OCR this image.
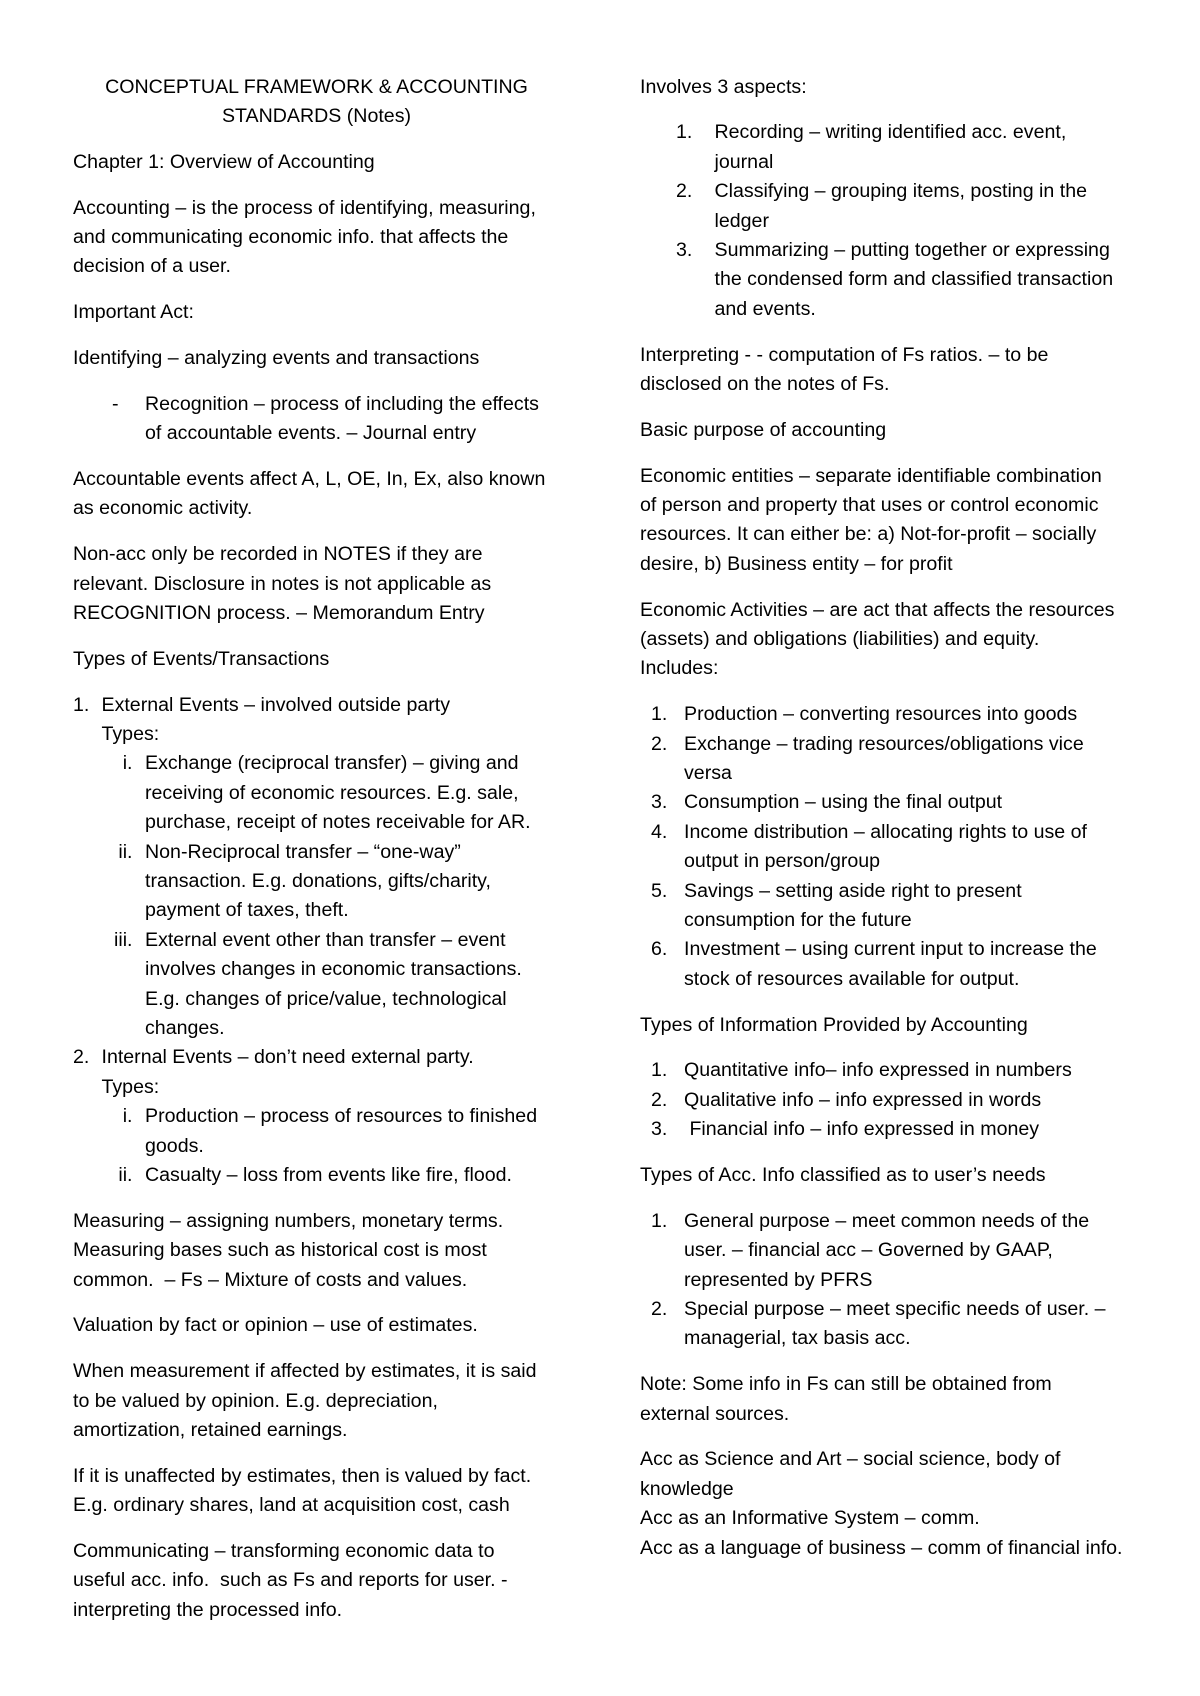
CONCEPTUAL FRAMEWORK & ACCOUNTING
STANDARDS (Notes)

Chapter 1: Overview of Accounting

Accounting – is the process of identifying, measuring,
and communicating economic info. that affects the
decision of a user.

Important Act:

Identifying – analyzing events and transactions

- Recognition – process of including the effects
of accountable events. – Journal entry

Accountable events affect A, L, OE, In, Ex, also known
as economic activity.

Non-acc only be recorded in NOTES if they are
relevant. Disclosure in notes is not applicable as
RECOGNITION process. – Memorandum Entry

Types of Events/Transactions

1. External Events – involved outside party
Types:
i. Exchange (reciprocal transfer) – giving and
receiving of economic resources. E.g. sale,
purchase, receipt of notes receivable for AR.
ii. Non-Reciprocal transfer – “one-way”
transaction. E.g. donations, gifts/charity,
payment of taxes, theft.
iii. External event other than transfer – event
involves changes in economic transactions.
E.g. changes of price/value, technological
changes.
2. Internal Events – don’t need external party.
Types:
i. Production – process of resources to finished
goods.
ii. Casualty – loss from events like fire, flood.

Measuring – assigning numbers, monetary terms.
Measuring bases such as historical cost is most
common.  – Fs – Mixture of costs and values.

Valuation by fact or opinion – use of estimates.

When measurement if affected by estimates, it is said
to be valued by opinion. E.g. depreciation,
amortization, retained earnings.

If it is unaffected by estimates, then is valued by fact.
E.g. ordinary shares, land at acquisition cost, cash

Communicating – transforming economic data to
useful acc. info.  such as Fs and reports for user. -
interpreting the processed info.

Involves 3 aspects:

1. Recording – writing identified acc. event,
journal
2. Classifying – grouping items, posting in the
ledger
3. Summarizing – putting together or expressing
the condensed form and classified transaction
and events.

Interpreting - - computation of Fs ratios. – to be
disclosed on the notes of Fs.

Basic purpose of accounting

Economic entities – separate identifiable combination
of person and property that uses or control economic
resources. It can either be: a) Not-for-profit – socially
desire, b) Business entity – for profit

Economic Activities – are act that affects the resources
(assets) and obligations (liabilities) and equity.
Includes:

1. Production – converting resources into goods
2. Exchange – trading resources/obligations vice
versa
3. Consumption – using the final output
4. Income distribution – allocating rights to use of
output in person/group
5. Savings – setting aside right to present
consumption for the future
6. Investment – using current input to increase the
stock of resources available for output.

Types of Information Provided by Accounting

1. Quantitative info– info expressed in numbers
2. Qualitative info – info expressed in words
3. Financial info – info expressed in money

Types of Acc. Info classified as to user’s needs

1. General purpose – meet common needs of the
user. – financial acc – Governed by GAAP,
represented by PFRS
2. Special purpose – meet specific needs of user. –
managerial, tax basis acc.

Note: Some info in Fs can still be obtained from
external sources.

Acc as Science and Art – social science, body of
knowledge
Acc as an Informative System – comm.
Acc as a language of business – comm of financial info.
